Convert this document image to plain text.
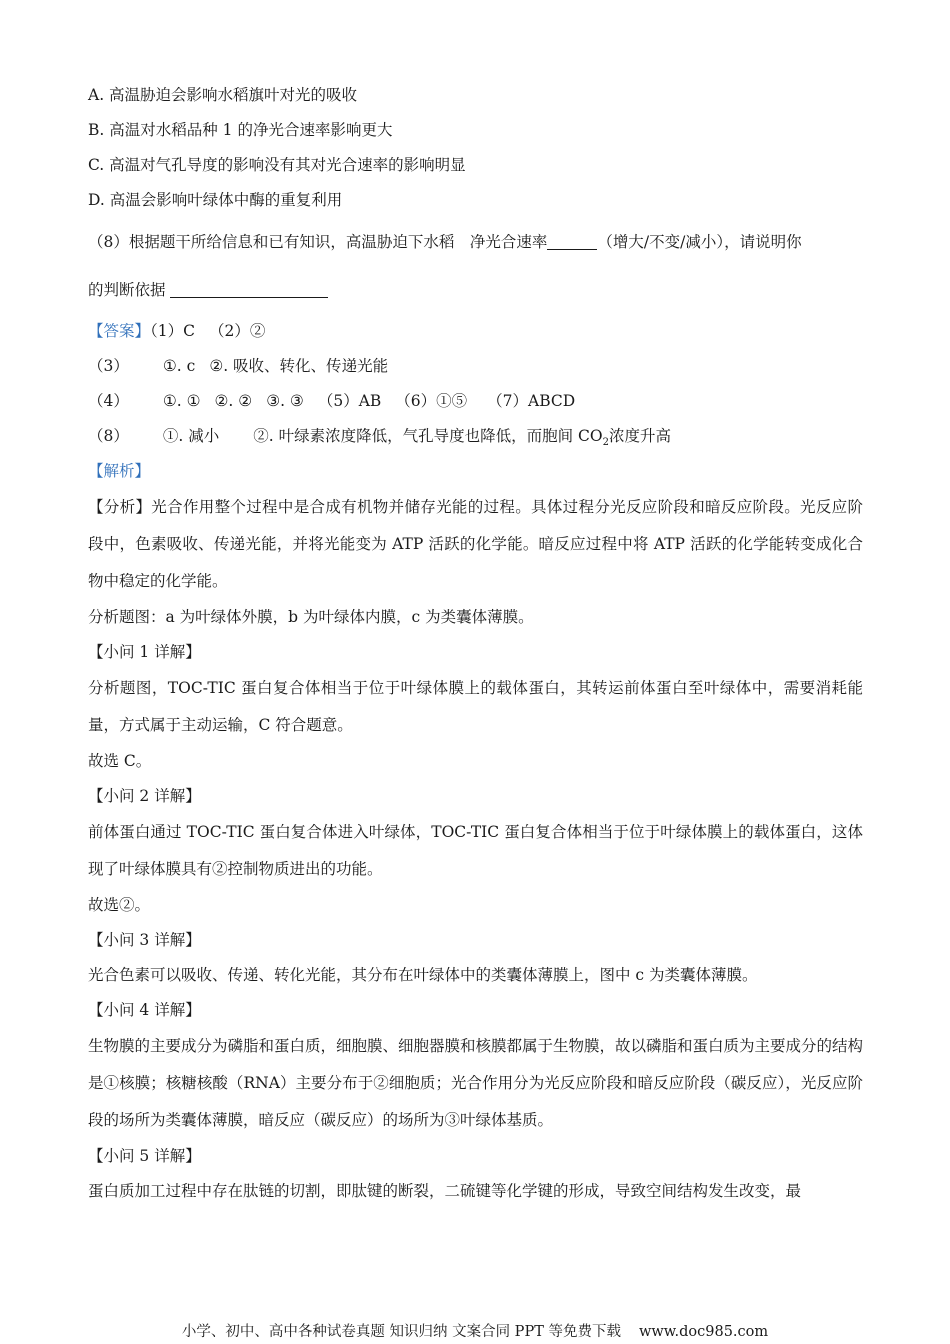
A. 高温胁迫会影响水稻旗叶对光的吸收
B. 高温对水稻品种 1 的净光合速率影响更大
C. 高温对气孔导度的影响没有其对光合速率的影响明显
D. 高温会影响叶绿体中酶的重复利用
（8）根据题干所给信息和已有知识，高温胁迫下水稻　净光合速率	（增大/不变/减小），请说明你
的判断依据
【答案】（1）C （2）②
（3） ①. c ②. 吸收、转化、传递光能
（4） ①. ① ②. ② ③. ③ （5）AB （6）①⑤ （7）ABCD
（8） ①. 减小 ②. 叶绿素浓度降低，气孔导度也降低，而胞间 $CO_2$浓度升高
【解析】
【分析】光合作用整个过程中是合成有机物并储存光能的过程。具体过程分光反应阶段和暗反应阶段。光反应阶段中，色素吸收、传递光能，并将光能变为 ATP 活跃的化学能。暗反应过程中将 ATP 活跃的化学能转变成化合物中稳定的化学能。
分析题图：a 为叶绿体外膜，b 为叶绿体内膜，c 为类囊体薄膜。
【小问 1 详解】
分析题图，TOC-TIC 蛋白复合体相当于位于叶绿体膜上的载体蛋白，其转运前体蛋白至叶绿体中，需要消耗能量，方式属于主动运输，C 符合题意。
故选 C。
【小问 2 详解】
前体蛋白通过 TOC-TIC 蛋白复合体进入叶绿体，TOC-TIC 蛋白复合体相当于位于叶绿体膜上的载体蛋白，这体现了叶绿体膜具有②控制物质进出的功能。
故选②。
【小问 3 详解】
光合色素可以吸收、传递、转化光能，其分布在叶绿体中的类囊体薄膜上，图中 c 为类囊体薄膜。
【小问 4 详解】
生物膜的主要成分为磷脂和蛋白质，细胞膜、细胞器膜和核膜都属于生物膜，故以磷脂和蛋白质为主要成分的结构是①核膜；核糖核酸（RNA）主要分布于②细胞质；光合作用分为光反应阶段和暗反应阶段（碳反应），光反应阶段的场所为类囊体薄膜，暗反应（碳反应）的场所为③叶绿体基质。
【小问 5 详解】
蛋白质加工过程中存在肽链的切割，即肽键的断裂，二硫键等化学键的形成，导致空间结构发生改变，最
小学、初中、高中各种试卷真题 知识归纳 文案合同 PPT 等免费下载 www.doc985.com
